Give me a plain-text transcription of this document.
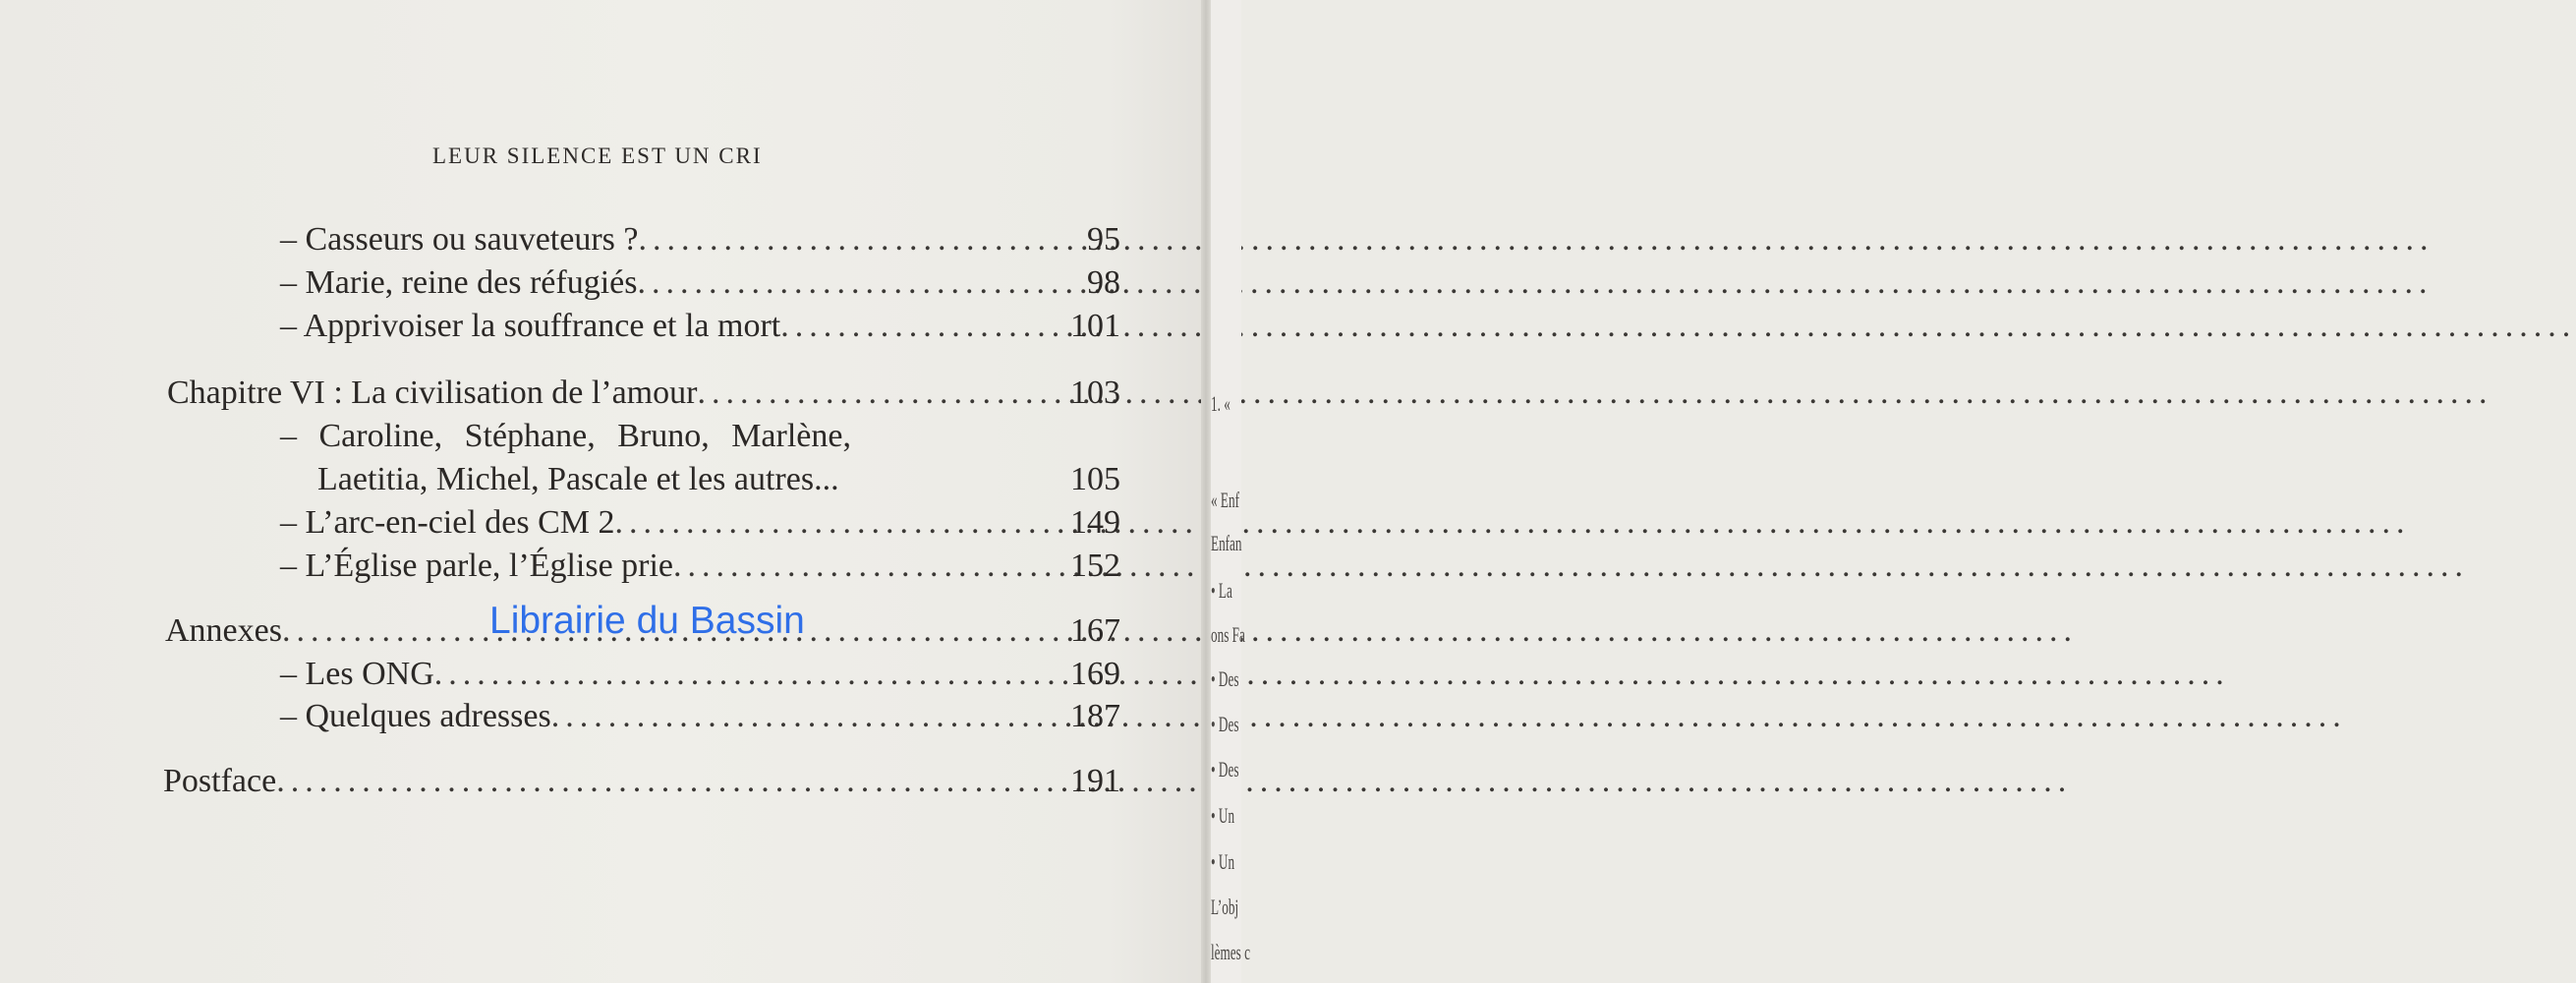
LEUR SILENCE EST UN CRI
– Casseurs ou sauveteurs ? .....	95
– Marie, reine des réfugiés .....	98
– Apprivoiser la souffrance et la mort .....	101
Chapitre VI : La civilisation de l’amour .....	103
– Caroline, Stéphane, Bruno, Marlène,
Laetitia, Michel, Pascale et les autres...	105
– L’arc-en-ciel des CM 2 .....	149
– L’Église parle, l’Église prie .....	152
Annexes .....	167
– Les ONG .....	169
– Quelques adresses .....	187
Postface .....	191
Librairie du Bassin
1. «
« Enf
Enfan
• La
ons Fa
• Des
• Des
• Des
• Un
• Un
L’obj
lèmes c
